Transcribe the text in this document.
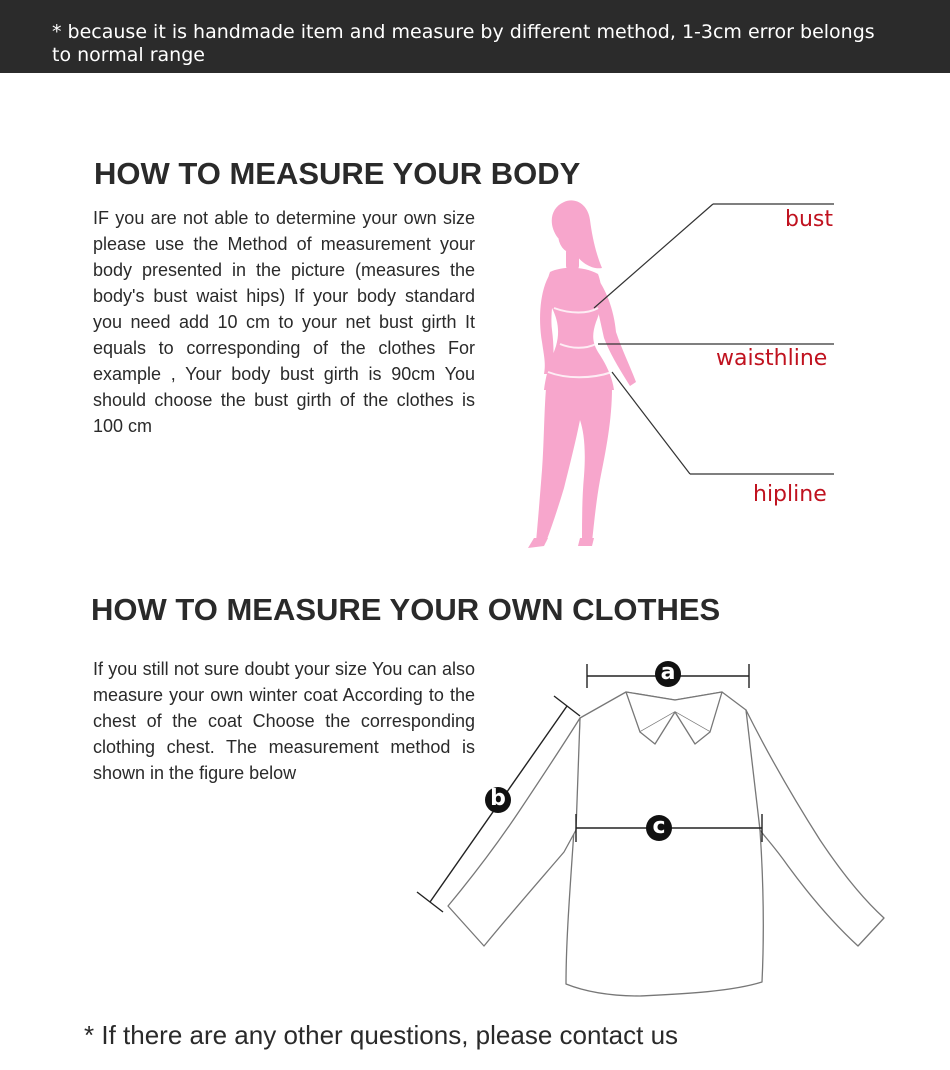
* because it is handmade item and measure by different method, 1-3cm error belongs to normal range
HOW TO MEASURE YOUR BODY
IF you are not able to determine your own size please use the Method of measurement your body presented in the picture (measures the body's bust waist hips) If your body standard you need add 10 cm to your net bust girth It equals to corresponding of the clothes For example , Your body bust girth is 90cm You should choose the bust girth of the clothes is 100 cm
bust
waisthline
hipline
HOW TO MEASURE YOUR OWN CLOTHES
If you still not sure doubt your size You can also measure your own winter coat According to the chest of the coat Choose the corresponding clothing chest. The measurement method is shown in the figure below
a
b
c
* If there are any other questions, please contact us
